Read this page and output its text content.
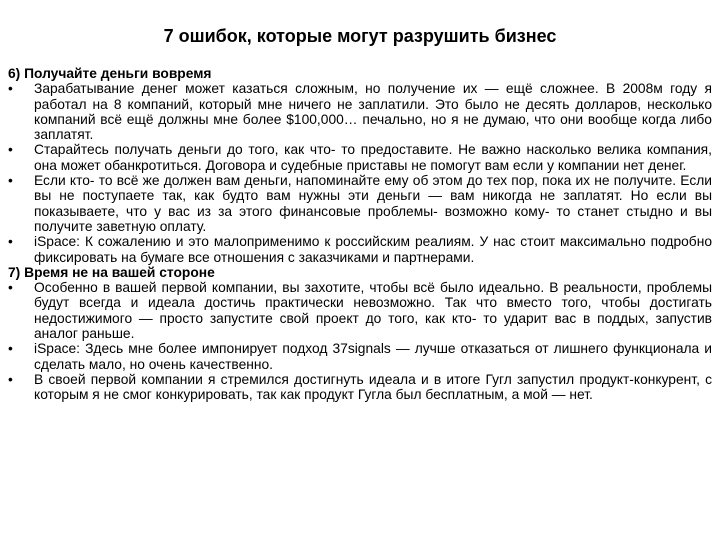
7 ошибок, которые могут разрушить бизнес
6) Получайте деньги вовремя
• Зарабатывание денег может казаться сложным, но получение их — ещё сложнее. В 2008м году я работал на 8 компаний, который мне ничего не заплатили. Это было не десять долларов, несколько компаний всё ещё должны мне более $100,000… печально, но я не думаю, что они вообще когда либо заплатят.
• Старайтесь получать деньги до того, как что- то предоставите. Не важно насколько велика компания, она может обанкротиться. Договора и судебные приставы не помогут вам если у компании нет денег.
• Если кто- то всё же должен вам деньги, напоминайте ему об этом до тех пор, пока их не получите. Если вы не поступаете так, как будто вам нужны эти деньги — вам никогда не заплатят. Но если вы показываете, что у вас из за этого финансовые проблемы- возможно кому- то станет стыдно и вы получите заветную оплату.
• iSpace: К сожалению и это малоприменимо к российским реалиям. У нас стоит максимально подробно фиксировать на бумаге все отношения с заказчиками и партнерами.
7) Время не на вашей стороне
• Особенно в вашей первой компании, вы захотите, чтобы всё было идеально. В реальности, проблемы будут всегда и идеала достичь практически невозможно. Так что вместо того, чтобы достигать недостижимого — просто запустите свой проект до того, как кто- то ударит вас в поддых, запустив аналог раньше.
• iSpace: Здесь мне более импонирует подход 37signals — лучше отказаться от лишнего функционала и сделать мало, но очень качественно.
• В своей первой компании я стремился достигнуть идеала и в итоге Гугл запустил продукт-конкурент, с которым я не смог конкурировать, так как продукт Гугла был бесплатным, а мой — нет.
